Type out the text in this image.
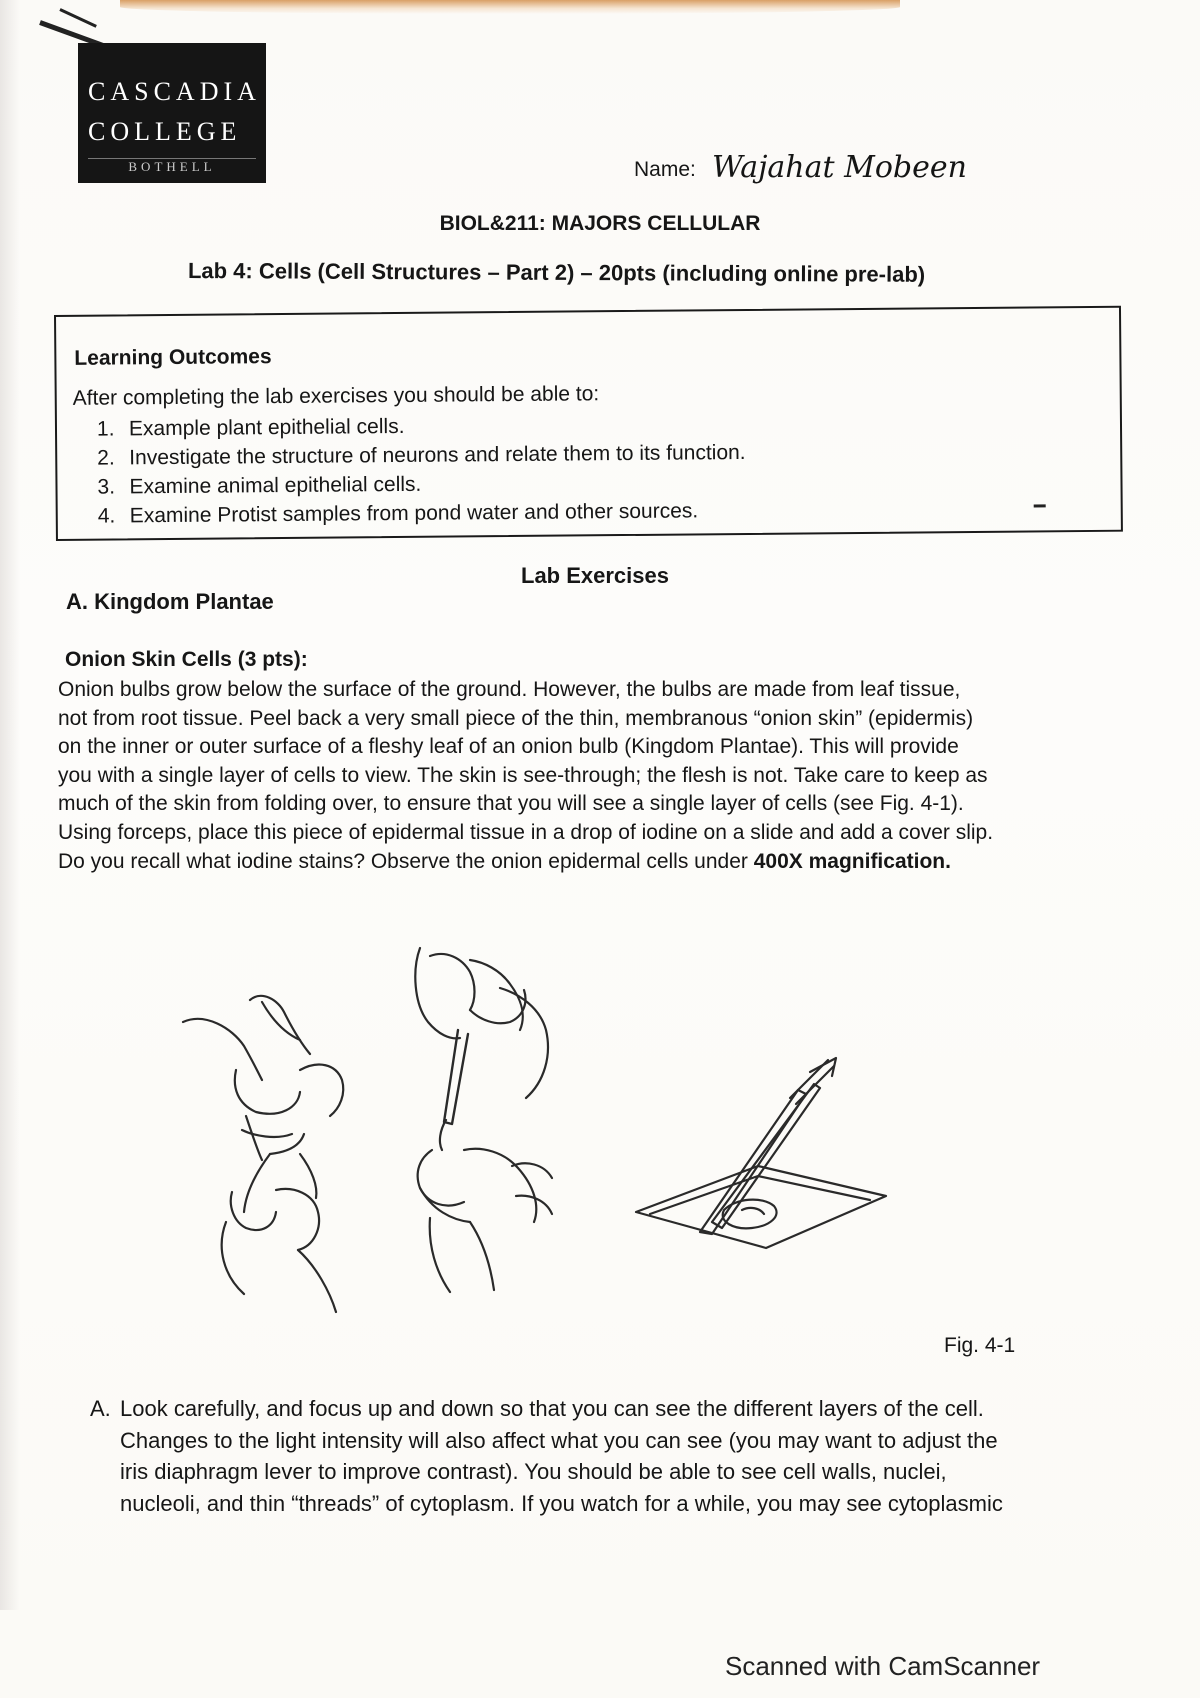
CASCADIA
COLLEGE
BOTHELL	Name: Wajahat Mobeen
BIOL&211: MAJORS CELLULAR
Lab 4: Cells (Cell Structures – Part 2) – 20pts (including online pre-lab)
Learning Outcomes
After completing the lab exercises you should be able to:
1. Example plant epithelial cells.
2. Investigate the structure of neurons and relate them to its function.
3. Examine animal epithelial cells.
4. Examine Protist samples from pond water and other sources.
Lab Exercises
A. Kingdom Plantae
Onion Skin Cells (3 pts):

Onion bulbs grow below the surface of the ground. However, the bulbs are made from leaf tissue,
not from root tissue. Peel back a very small piece of the thin, membranous “onion skin” (epidermis)
on the inner or outer surface of a fleshy leaf of an onion bulb (Kingdom Plantae). This will provide
you with a single layer of cells to view. The skin is see-through; the flesh is not. Take care to keep as
much of the skin from folding over, to ensure that you will see a single layer of cells (see Fig. 4-1).
Using forceps, place this piece of epidermal tissue in a drop of iodine on a slide and add a cover slip.
Do you recall what iodine stains? Observe the onion epidermal cells under 400X magnification.

Fig. 4-1
A. Look carefully, and focus up and down so that you can see the different layers of the cell.
Changes to the light intensity will also affect what you can see (you may want to adjust the
iris diaphragm lever to improve contrast). You should be able to see cell walls, nuclei,
nucleoli, and thin “threads” of cytoplasm. If you watch for a while, you may see cytoplasmic
Scanned with CamScanner
